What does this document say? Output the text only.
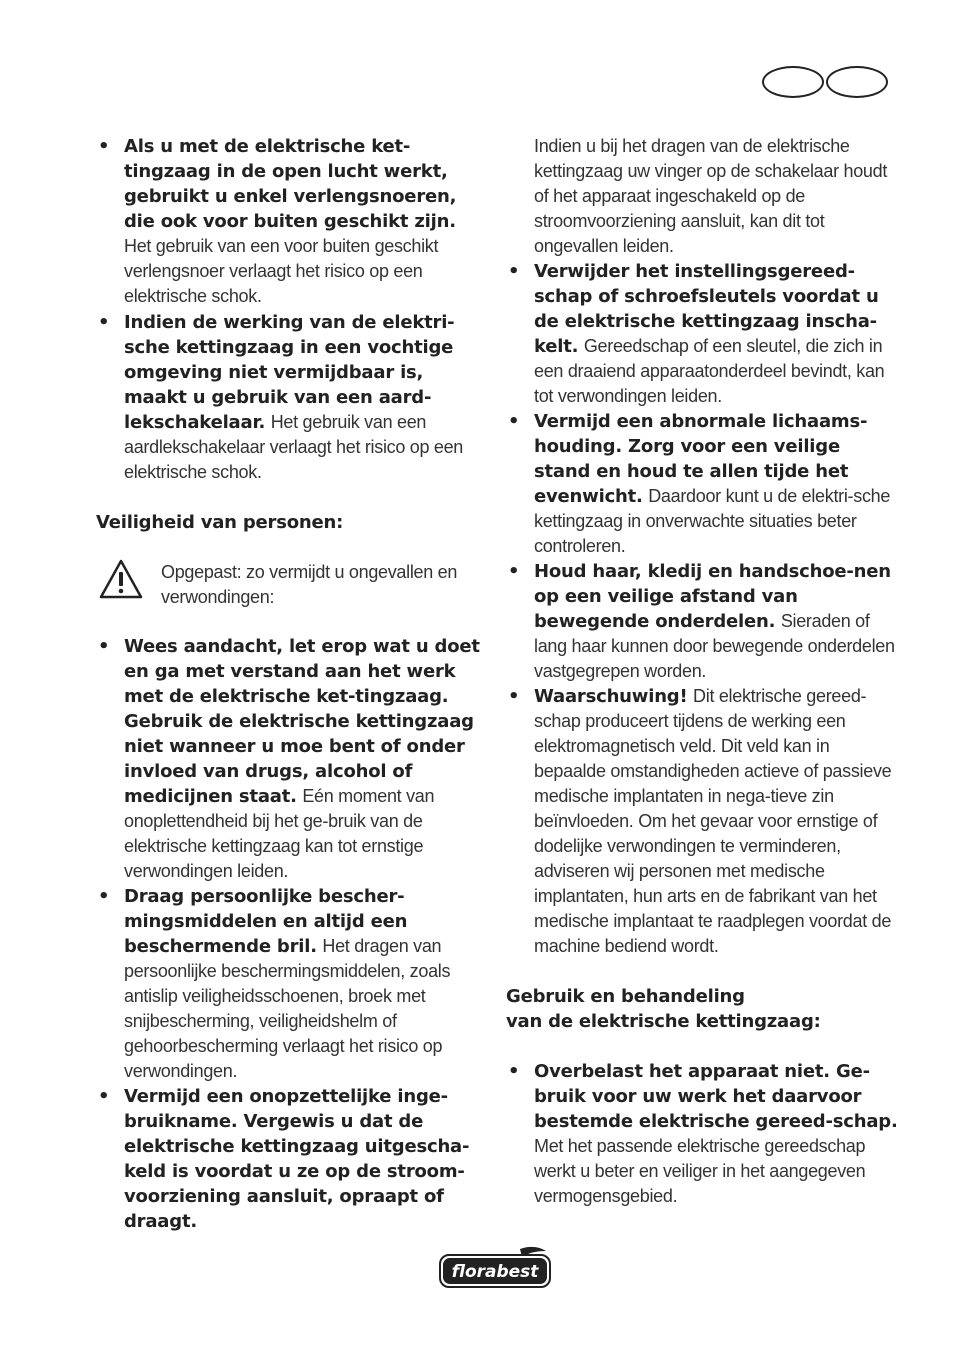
• Als u met de elektrische ket-tingzaag in de open lucht werkt, gebruikt u enkel verlengsnoeren, die ook voor buiten geschikt zijn. Het gebruik van een voor buiten geschikt verlengsnoer verlaagt het risico op een elektrische schok.
• Indien de werking van de elektri-sche kettingzaag in een vochtige omgeving niet vermijdbaar is, maakt u gebruik van een aard-lekschakelaar. Het gebruik van een aardlekschakelaar verlaagt het risico op een elektrische schok.
Veiligheid van personen:
• Wees aandacht, let erop wat u doet en ga met verstand aan het werk met de elektrische ket-tingzaag. Gebruik de elektrische kettingzaag niet wanneer u moe bent of onder invloed van drugs, alcohol of medicijnen staat. Eén moment van onoplettendheid bij het ge-bruik van de elektrische kettingzaag kan tot ernstige verwondingen leiden.
• Draag persoonlijke bescher-mingsmiddelen en altijd een beschermende bril. Het dragen van persoonlijke beschermingsmiddelen, zoals antislip veiligheidsschoenen, broek met snijbescherming, veiligheidshelm of gehoorbescherming verlaagt het risico op verwondingen.
• Vermijd een onopzettelijke inge-bruikname. Vergewis u dat de elektrische kettingzaag uitgescha-keld is voordat u ze op de stroom-voorziening aansluit, opraapt of draagt.
Opgepast: zo vermijdt u ongevallen en verwondingen:
Indien u bij het dragen van de elektrische kettingzaag uw vinger op de schakelaar houdt of het apparaat ingeschakeld op de stroomvoorziening aansluit, kan dit tot ongevallen leiden.
• Verwijder het instellingsgereed-schap of schroefsleutels voordat u de elektrische kettingzaag inscha-kelt. Gereedschap of een sleutel, die zich in een draaiend apparaatonderdeel bevindt, kan tot verwondingen leiden.
• Vermijd een abnormale lichaams-houding. Zorg voor een veilige stand en houd te allen tijde het evenwicht. Daardoor kunt u de elektri-sche kettingzaag in onverwachte situaties beter controleren.
• Houd haar, kledij en handschoe-nen op een veilige afstand van bewegende onderdelen. Sieraden of lang haar kunnen door bewegende onderdelen vastgegrepen worden.
• Waarschuwing! Dit elektrische gereed-schap produceert tijdens de werking een elektromagnetisch veld. Dit veld kan in bepaalde omstandigheden actieve of passieve medische implantaten in nega-tieve zin beïnvloeden. Om het gevaar voor ernstige of dodelijke verwondingen te verminderen, adviseren wij personen met medische implantaten, hun arts en de fabrikant van het medische implantaat te raadplegen voordat de machine bediend wordt.
Gebruik en behandeling
van de elektrische kettingzaag:
• Overbelast het apparaat niet. Ge-bruik voor uw werk het daarvoor bestemde elektrische gereed-schap. Met het passende elektrische gereedschap werkt u beter en veiliger in het aangegeven vermogensgebied.
florabest
